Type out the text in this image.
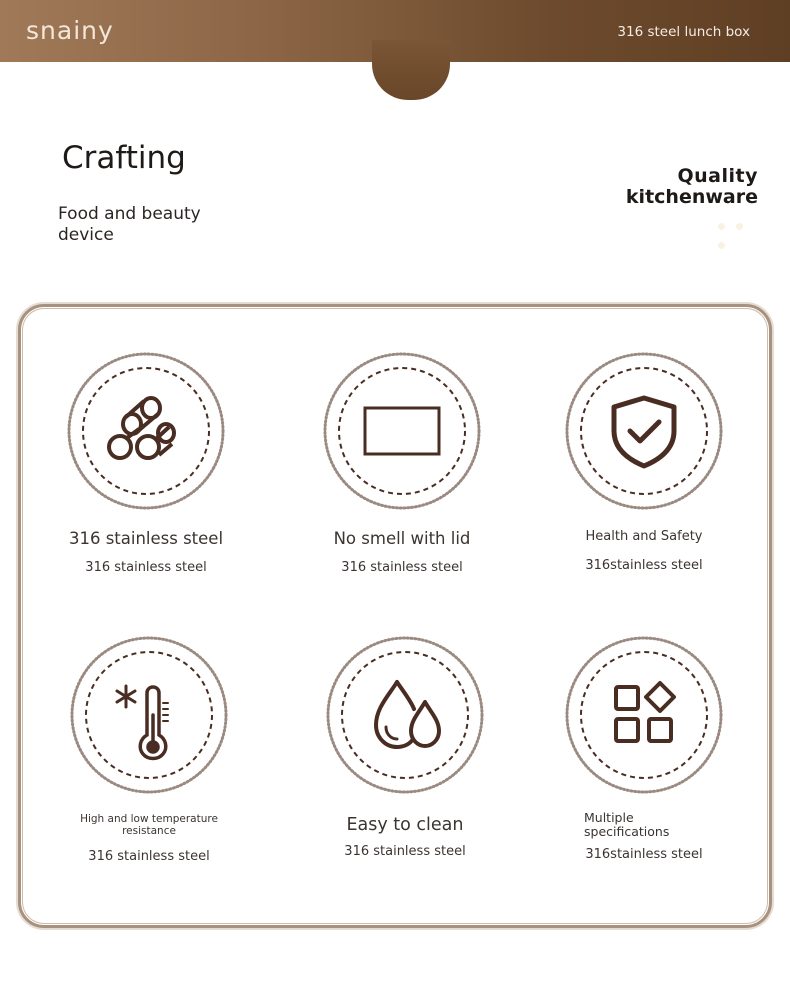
snainy	316 steel lunch box
Crafting
Food and beauty device
Quality
kitchenware
316 stainless steel
316 stainless steel
No smell with lid
316 stainless steel
Health and Safety
316stainless steel
High and low temperature resistance
316 stainless steel
Easy to clean
316 stainless steel
Multiple specifications
316stainless steel
